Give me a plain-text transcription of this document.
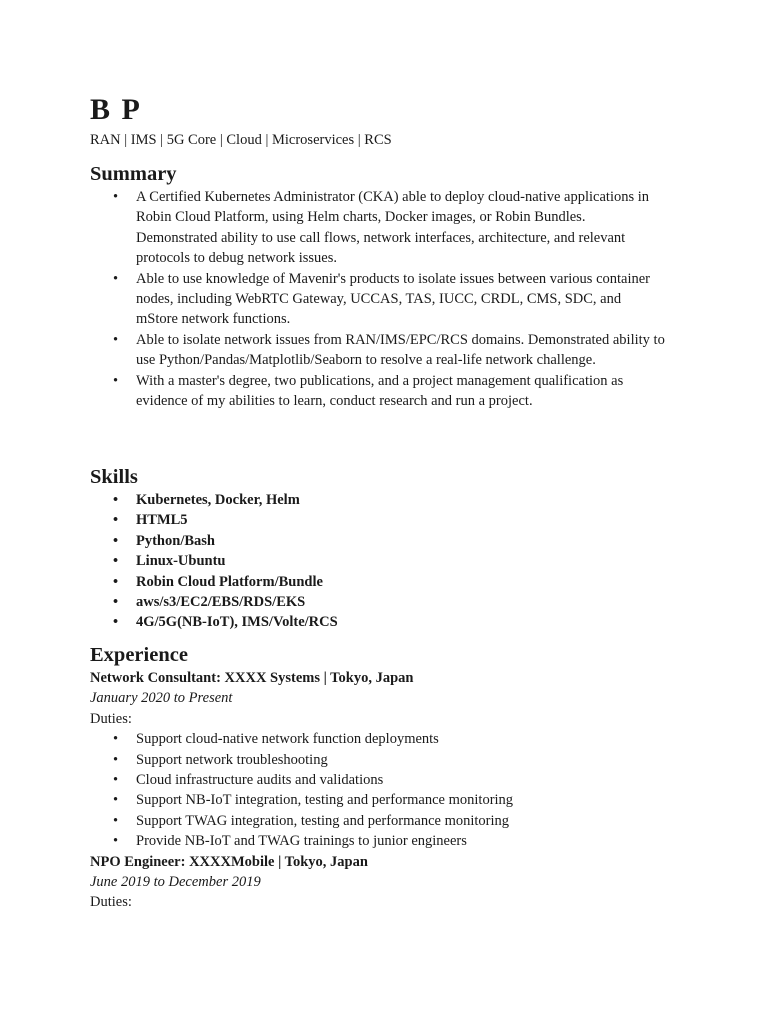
B P
RAN | IMS | 5G Core | Cloud | Microservices | RCS
Summary
• A Certified Kubernetes Administrator (CKA) able to deploy cloud-native applications in Robin Cloud Platform, using Helm charts, Docker images, or Robin Bundles. Demonstrated ability to use call flows, network interfaces, architecture, and relevant protocols to debug network issues.
• Able to use knowledge of Mavenir's products to isolate issues between various container nodes, including WebRTC Gateway, UCCAS, TAS, IUCC, CRDL, CMS, SDC, and mStore network functions.
• Able to isolate network issues from RAN/IMS/EPC/RCS domains. Demonstrated ability to use Python/Pandas/Matplotlib/Seaborn to resolve a real-life network challenge.
• With a master's degree, two publications, and a project management qualification as evidence of my abilities to learn, conduct research and run a project.
Skills
• Kubernetes, Docker, Helm
• HTML5
• Python/Bash
• Linux-Ubuntu
• Robin Cloud Platform/Bundle
• aws/s3/EC2/EBS/RDS/EKS
• 4G/5G(NB-IoT), IMS/Volte/RCS
Experience
Network Consultant: XXXX Systems | Tokyo, Japan
January 2020 to Present
Duties:
• Support cloud-native network function deployments
• Support network troubleshooting
• Cloud infrastructure audits and validations
• Support NB-IoT integration, testing and performance monitoring
• Support TWAG integration, testing and performance monitoring
• Provide NB-IoT and TWAG trainings to junior engineers
NPO Engineer: XXXXMobile | Tokyo, Japan
June 2019 to December 2019
Duties:
